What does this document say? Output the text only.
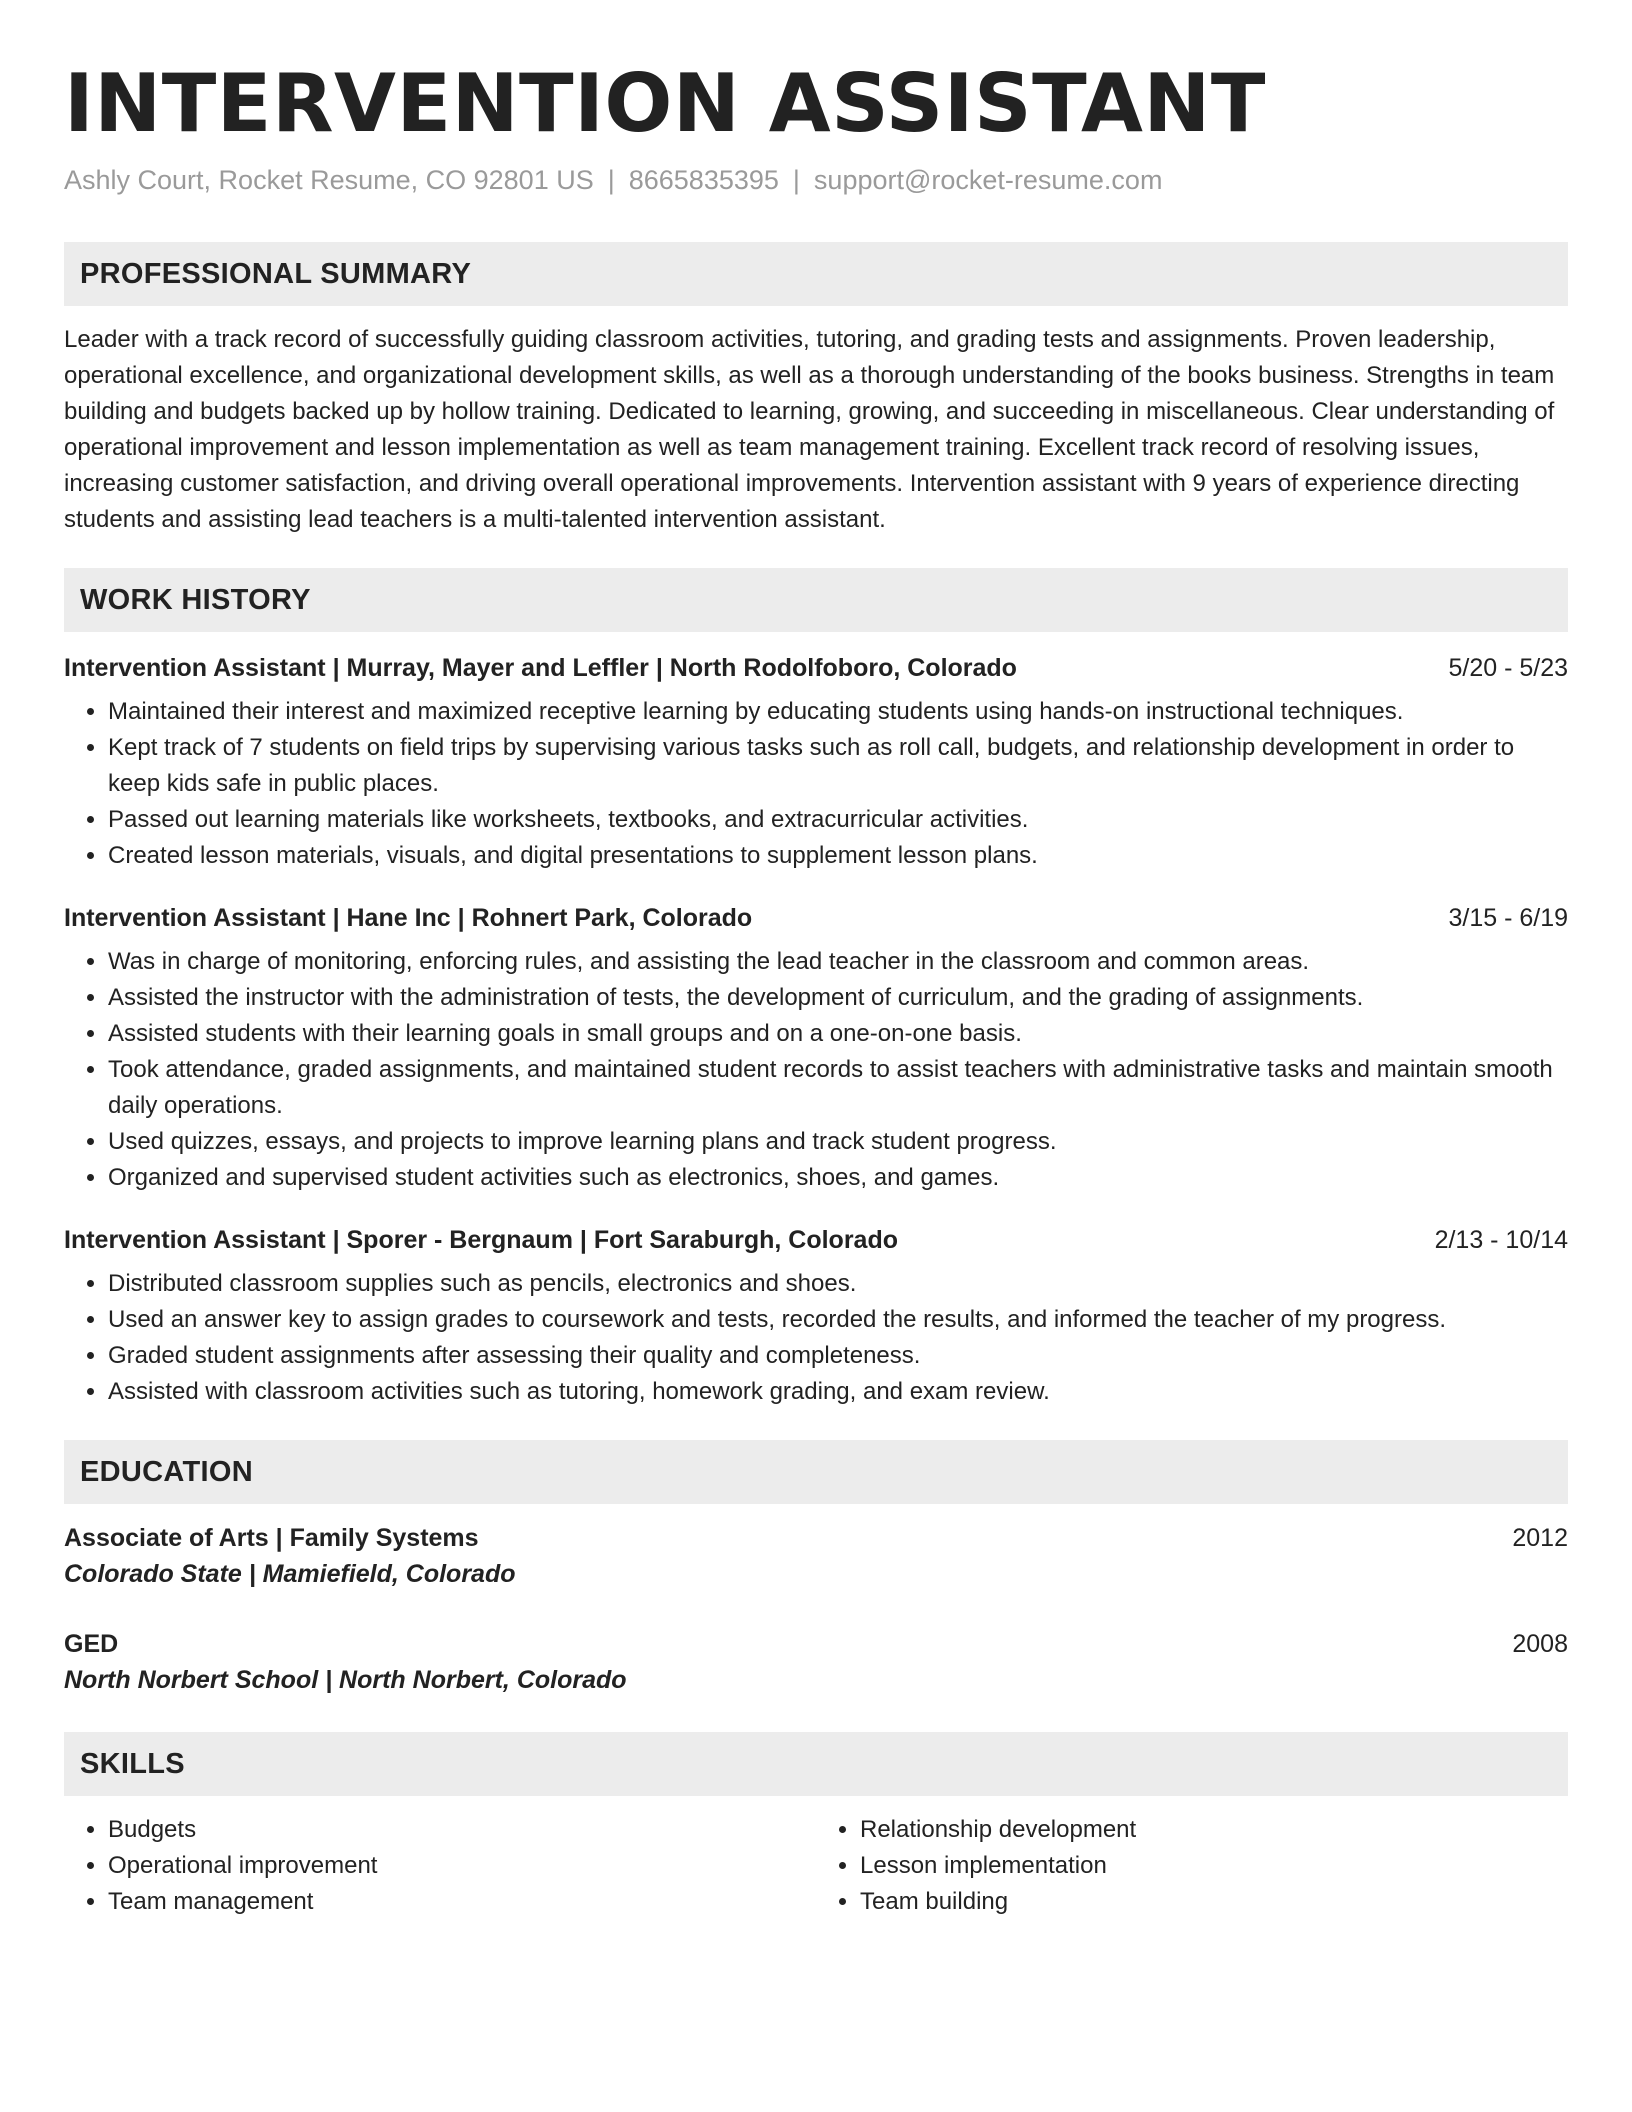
INTERVENTION ASSISTANT
Ashly Court, Rocket Resume, CO 92801 US | 8665835395 | support@rocket-resume.com
PROFESSIONAL SUMMARY
Leader with a track record of successfully guiding classroom activities, tutoring, and grading tests and assignments. Proven leadership, operational excellence, and organizational development skills, as well as a thorough understanding of the books business. Strengths in team building and budgets backed up by hollow training. Dedicated to learning, growing, and succeeding in miscellaneous. Clear understanding of operational improvement and lesson implementation as well as team management training. Excellent track record of resolving issues, increasing customer satisfaction, and driving overall operational improvements. Intervention assistant with 9 years of experience directing students and assisting lead teachers is a multi-talented intervention assistant.
WORK HISTORY
Intervention Assistant | Murray, Mayer and Leffler | North Rodolfoboro, Colorado	5/20 - 5/23
• Maintained their interest and maximized receptive learning by educating students using hands-on instructional techniques.
• Kept track of 7 students on field trips by supervising various tasks such as roll call, budgets, and relationship development in order to keep kids safe in public places.
• Passed out learning materials like worksheets, textbooks, and extracurricular activities.
• Created lesson materials, visuals, and digital presentations to supplement lesson plans.
Intervention Assistant | Hane Inc | Rohnert Park, Colorado	3/15 - 6/19
• Was in charge of monitoring, enforcing rules, and assisting the lead teacher in the classroom and common areas.
• Assisted the instructor with the administration of tests, the development of curriculum, and the grading of assignments.
• Assisted students with their learning goals in small groups and on a one-on-one basis.
• Took attendance, graded assignments, and maintained student records to assist teachers with administrative tasks and maintain smooth daily operations.
• Used quizzes, essays, and projects to improve learning plans and track student progress.
• Organized and supervised student activities such as electronics, shoes, and games.
Intervention Assistant | Sporer - Bergnaum | Fort Saraburgh, Colorado	2/13 - 10/14
• Distributed classroom supplies such as pencils, electronics and shoes.
• Used an answer key to assign grades to coursework and tests, recorded the results, and informed the teacher of my progress.
• Graded student assignments after assessing their quality and completeness.
• Assisted with classroom activities such as tutoring, homework grading, and exam review.
EDUCATION
Associate of Arts | Family Systems	2012
Colorado State | Mamiefield, Colorado
GED	2008
North Norbert School | North Norbert, Colorado
SKILLS
• Budgets
• Operational improvement
• Team management
• Relationship development
• Lesson implementation
• Team building
